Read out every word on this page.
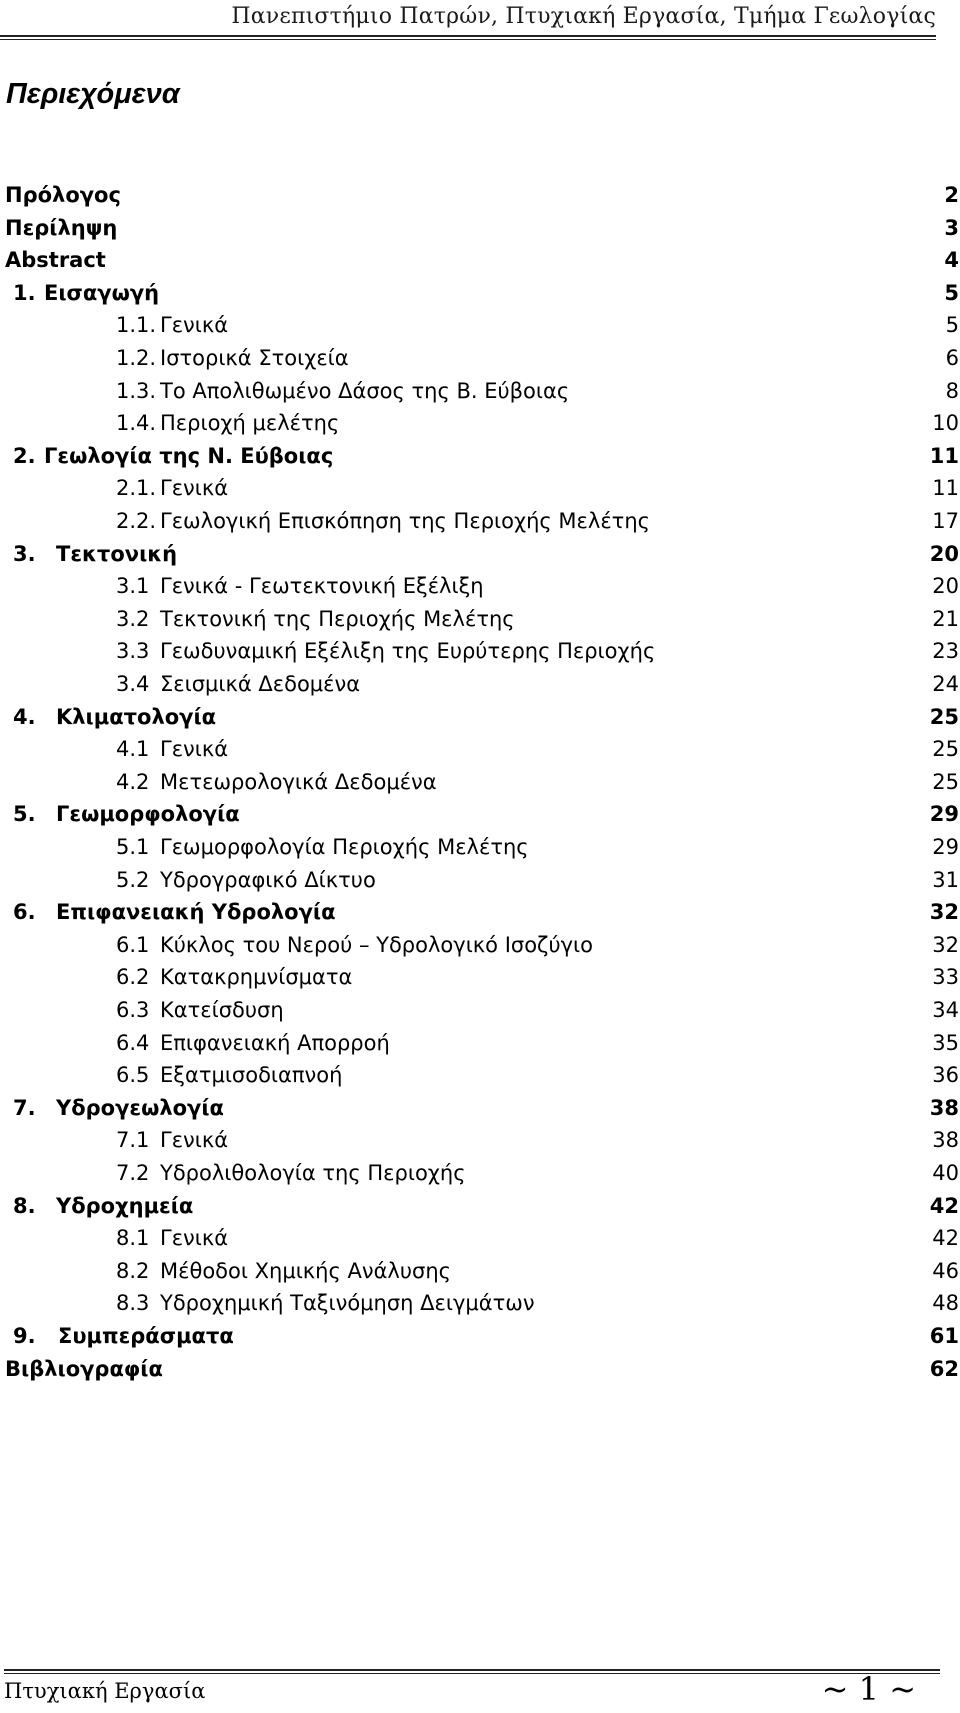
Πανεπιστήμιο Πατρών, Πτυχιακή Εργασία, Τμήμα Γεωλογίας
Περιεχόμενα
Πρόλογος	2
Περίληψη	3
Abstract	4
1. Εισαγωγή	5
1.1. Γενικά	5
1.2. Ιστορικά Στοιχεία	6
1.3. Το Απολιθωμένο Δάσος της Β. Εύβοιας	8
1.4. Περιοχή μελέτης	10
2. Γεωλογία της Ν. Εύβοιας	11
2.1. Γενικά	11
2.2. Γεωλογική Επισκόπηση της Περιοχής Μελέτης	17
3. Τεκτονική	20
3.1 Γενικά - Γεωτεκτονική Εξέλιξη	20
3.2 Τεκτονική της Περιοχής Μελέτης	21
3.3 Γεωδυναμική Εξέλιξη της Ευρύτερης Περιοχής	23
3.4 Σεισμικά Δεδομένα	24
4. Κλιματολογία	25
4.1 Γενικά	25
4.2 Μετεωρολογικά Δεδομένα	25
5. Γεωμορφολογία	29
5.1 Γεωμορφολογία Περιοχής Μελέτης	29
5.2 Υδρογραφικό Δίκτυο	31
6. Επιφανειακή Υδρολογία	32
6.1 Κύκλος του Νερού – Υδρολογικό Ισοζύγιο	32
6.2 Κατακρημνίσματα	33
6.3 Κατείσδυση	34
6.4 Επιφανειακή Απορροή	35
6.5 Εξατμισοδιαπνοή	36
7. Υδρογεωλογία	38
7.1 Γενικά	38
7.2 Υδρολιθολογία της Περιοχής	40
8. Υδροχημεία	42
8.1 Γενικά	42
8.2 Μέθοδοι Χημικής Ανάλυσης	46
8.3 Υδροχημική Ταξινόμηση Δειγμάτων	48
9. Συμπεράσματα	61
Βιβλιογραφία	62
Πτυχιακή Εργασία	~ 1 ~
